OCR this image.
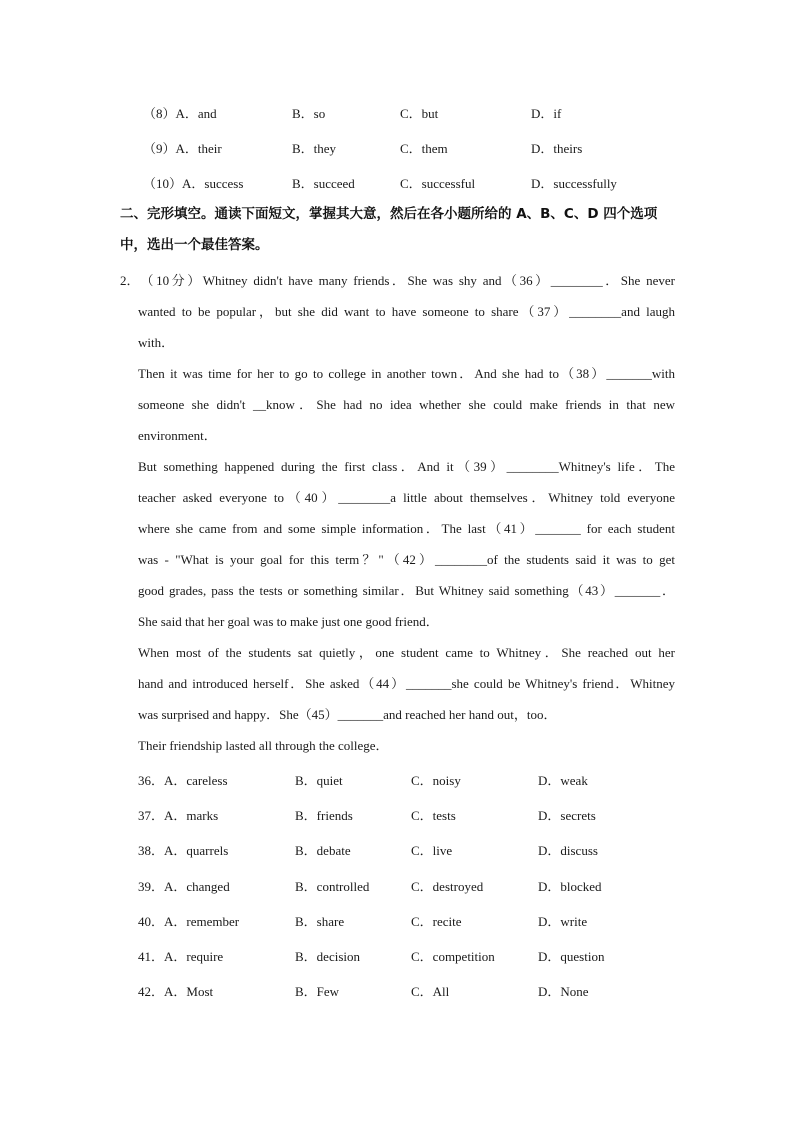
（8）A．and	B．so	C．but	D．if
（9）A．their	B．they	C．them	D．theirs
（10）A．success	B．succeed	C．successful	D．successfully
二、完形填空。通读下面短文，掌握其大意，然后在各小题所给的 A、B、C、D 四个选项
中，选出一个最佳答案。
2．（10分）Whitney didn't have many friends．She was shy and（36）________．She never
wanted to be popular，but she did want to have someone to share（37）________and laugh
with．
Then it was time for her to go to college in another town．And she had to（38）_______with
someone she didn't __know．She had no idea whether she could make friends in that new
environment．
But something happened during the first class．And it（39）________Whitney's life．The
teacher asked everyone to（40）________a little about themselves．Whitney told everyone
where she came from and some simple information．The last（41）_______ for each student
was - "What is your goal for this term？"（42）________of the students said it was to get
good grades, pass the tests or something similar．But Whitney said something（43）_______．
She said that her goal was to make just one good friend．
When most of the students sat quietly，one student came to Whitney．She reached out her
hand and introduced herself．She asked（44）_______she could be Whitney's friend．Whitney
was surprised and happy．She（45）_______and reached her hand out，too．
Their friendship lasted all through the college．
36．A．careless	B．quiet	C．noisy	D．weak
37．A．marks	B．friends	C．tests	D．secrets
38．A．quarrels	B．debate	C．live	D．discuss
39．A．changed	B．controlled	C．destroyed	D．blocked
40．A．remember	B．share	C．recite	D．write
41．A．require	B．decision	C．competition	D．question
42．A．Most	B．Few	C．All	D．None
